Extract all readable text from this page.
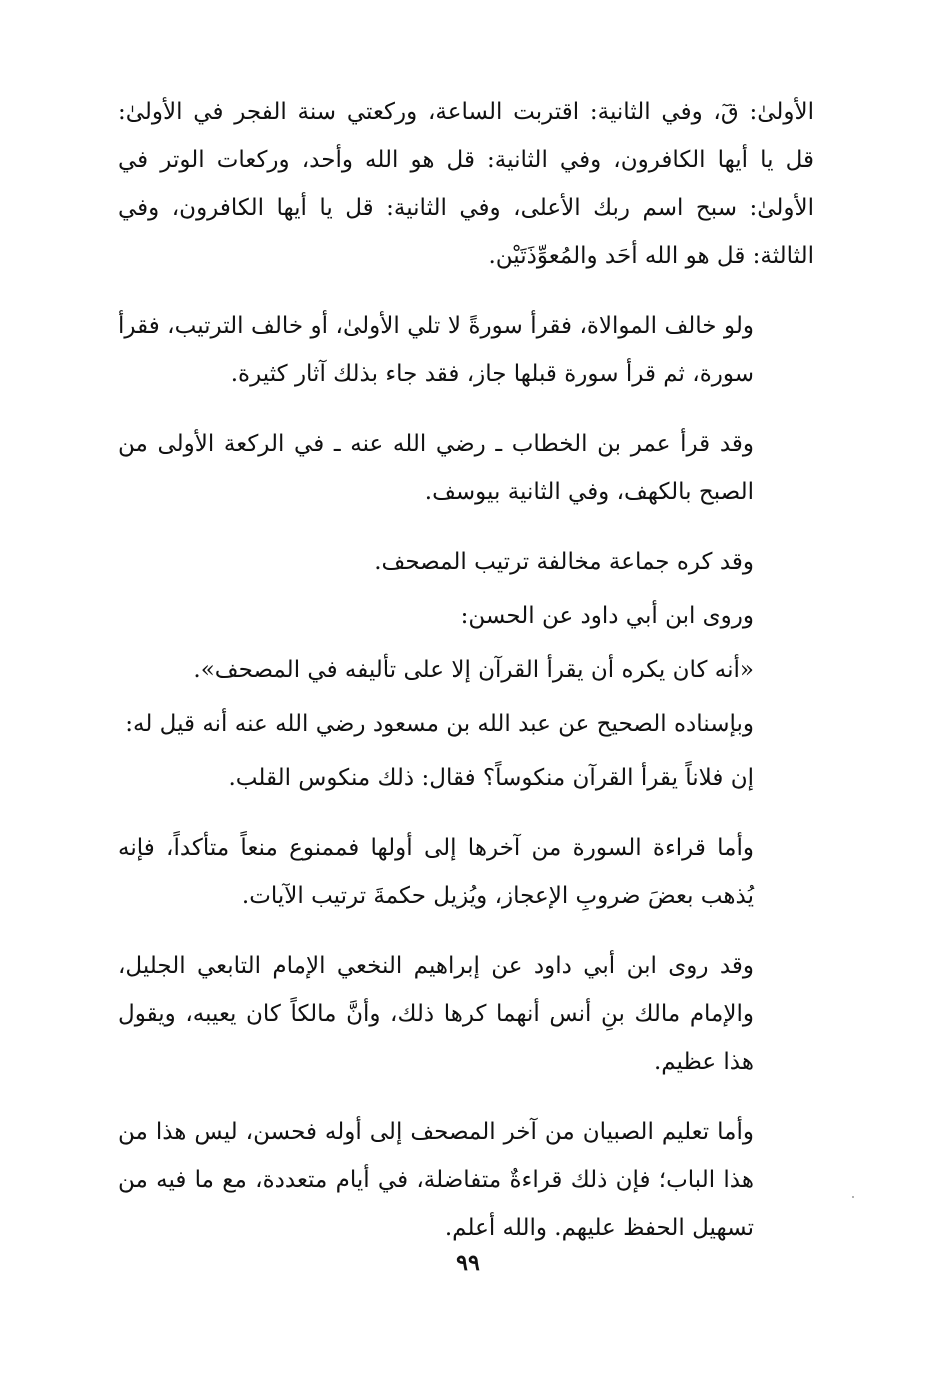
الأولىٰ: قٓ، وفي الثانية: اقتربت الساعة، وركعتي سنة الفجر في الأولىٰ: قل يا أيها الكافرون، وفي الثانية: قل هو الله وأحد، وركعات الوتر في الأولىٰ: سبح اسم ربك الأعلى، وفي الثانية: قل يا أيها الكافرون، وفي الثالثة: قل هو الله أحَد والمُعوِّذَتَيْن.

ولو خالف الموالاة، فقرأ سورةً لا تلي الأولىٰ، أو خالف الترتيب، فقرأ سورة، ثم قرأ سورة قبلها جاز، فقد جاء بذلك آثار كثيرة.

وقد قرأ عمر بن الخطاب ـ رضي الله عنه ـ في الركعة الأولى من الصبح بالكهف، وفي الثانية بيوسف.

وقد كره جماعة مخالفة ترتيب المصحف.

وروى ابن أبي داود عن الحسن:

«أنه كان يكره أن يقرأ القرآن إلا على تأليفه في المصحف».

وبإسناده الصحيح عن عبد الله بن مسعود رضي الله عنه أنه قيل له:

إن فلاناً يقرأ القرآن منكوساً؟ فقال: ذلك منكوس القلب.

وأما قراءة السورة من آخرها إلى أولها فممنوع منعاً متأكداً، فإنه يُذهب بعضَ ضروبِ الإعجاز، ويُزيل حكمةَ ترتيب الآيات.

وقد روى ابن أبي داود عن إبراهيم النخعي الإمام التابعي الجليل، والإمام مالك بنِ أنس أنهما كرها ذلك، وأنَّ مالكاً كان يعيبه، ويقول هذا عظيم.

وأما تعليم الصبيان من آخر المصحف إلى أوله فحسن، ليس هذا من هذا الباب؛ فإن ذلك قراءةٌ متفاضلة، في أيام متعددة، مع ما فيه من تسهيل الحفظ عليهم. والله أعلم.

٩٩
